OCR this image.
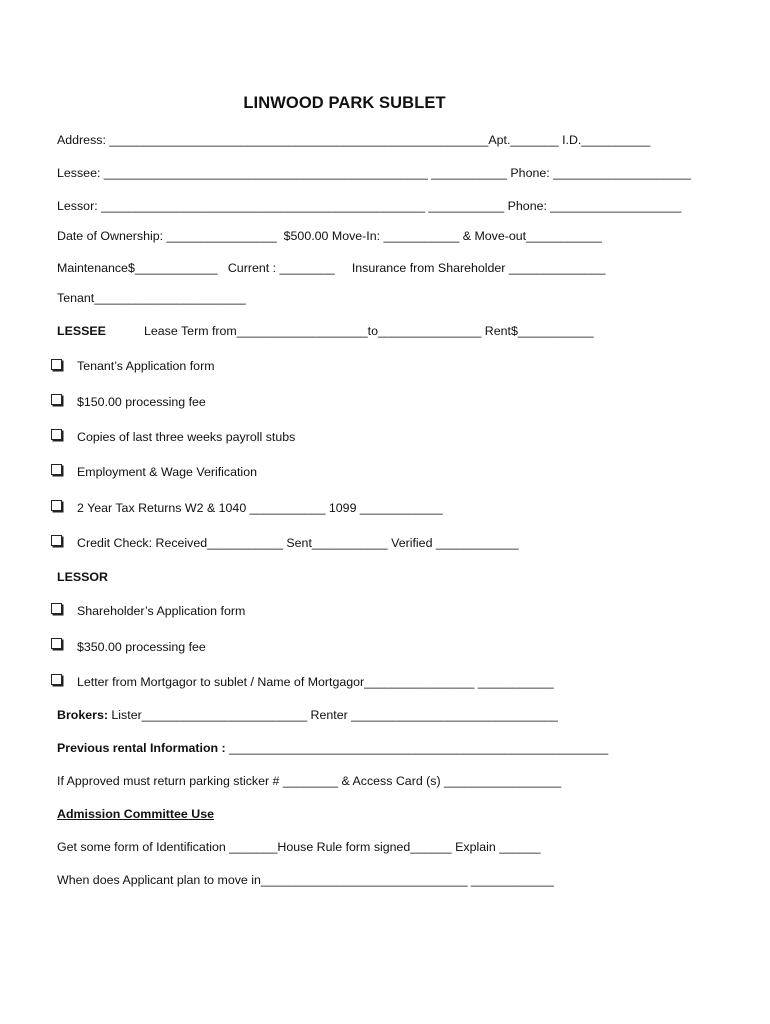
LINWOOD PARK SUBLET
Address: _______________________________________________________Apt._______ I.D.__________
Lessee: _______________________________________________ ___________ Phone: ____________________
Lessor: _______________________________________________ ___________ Phone: ___________________
Date of Ownership: ________________  $500.00 Move-In: ___________ & Move-out___________
Maintenance$____________   Current : ________     Insurance from Shareholder ______________
Tenant______________________
LESSEE	Lease Term from___________________to_______________ Rent$___________
Tenant’s Application form
$150.00 processing fee
Copies of last three weeks payroll stubs
Employment & Wage Verification
2 Year Tax Returns W2 & 1040 ___________ 1099 ____________
Credit Check: Received___________ Sent___________ Verified ____________
LESSOR
Shareholder’s Application form
$350.00 processing fee
Letter from Mortgagor to sublet / Name of Mortgagor________________ ___________
Brokers: Lister________________________ Renter ______________________________
Previous rental Information : _______________________________________________________
If Approved must return parking sticker # ________ & Access Card (s) _________________
Admission Committee Use
Get some form of Identification _______House Rule form signed______ Explain ______
When does Applicant plan to move in______________________________ ____________
